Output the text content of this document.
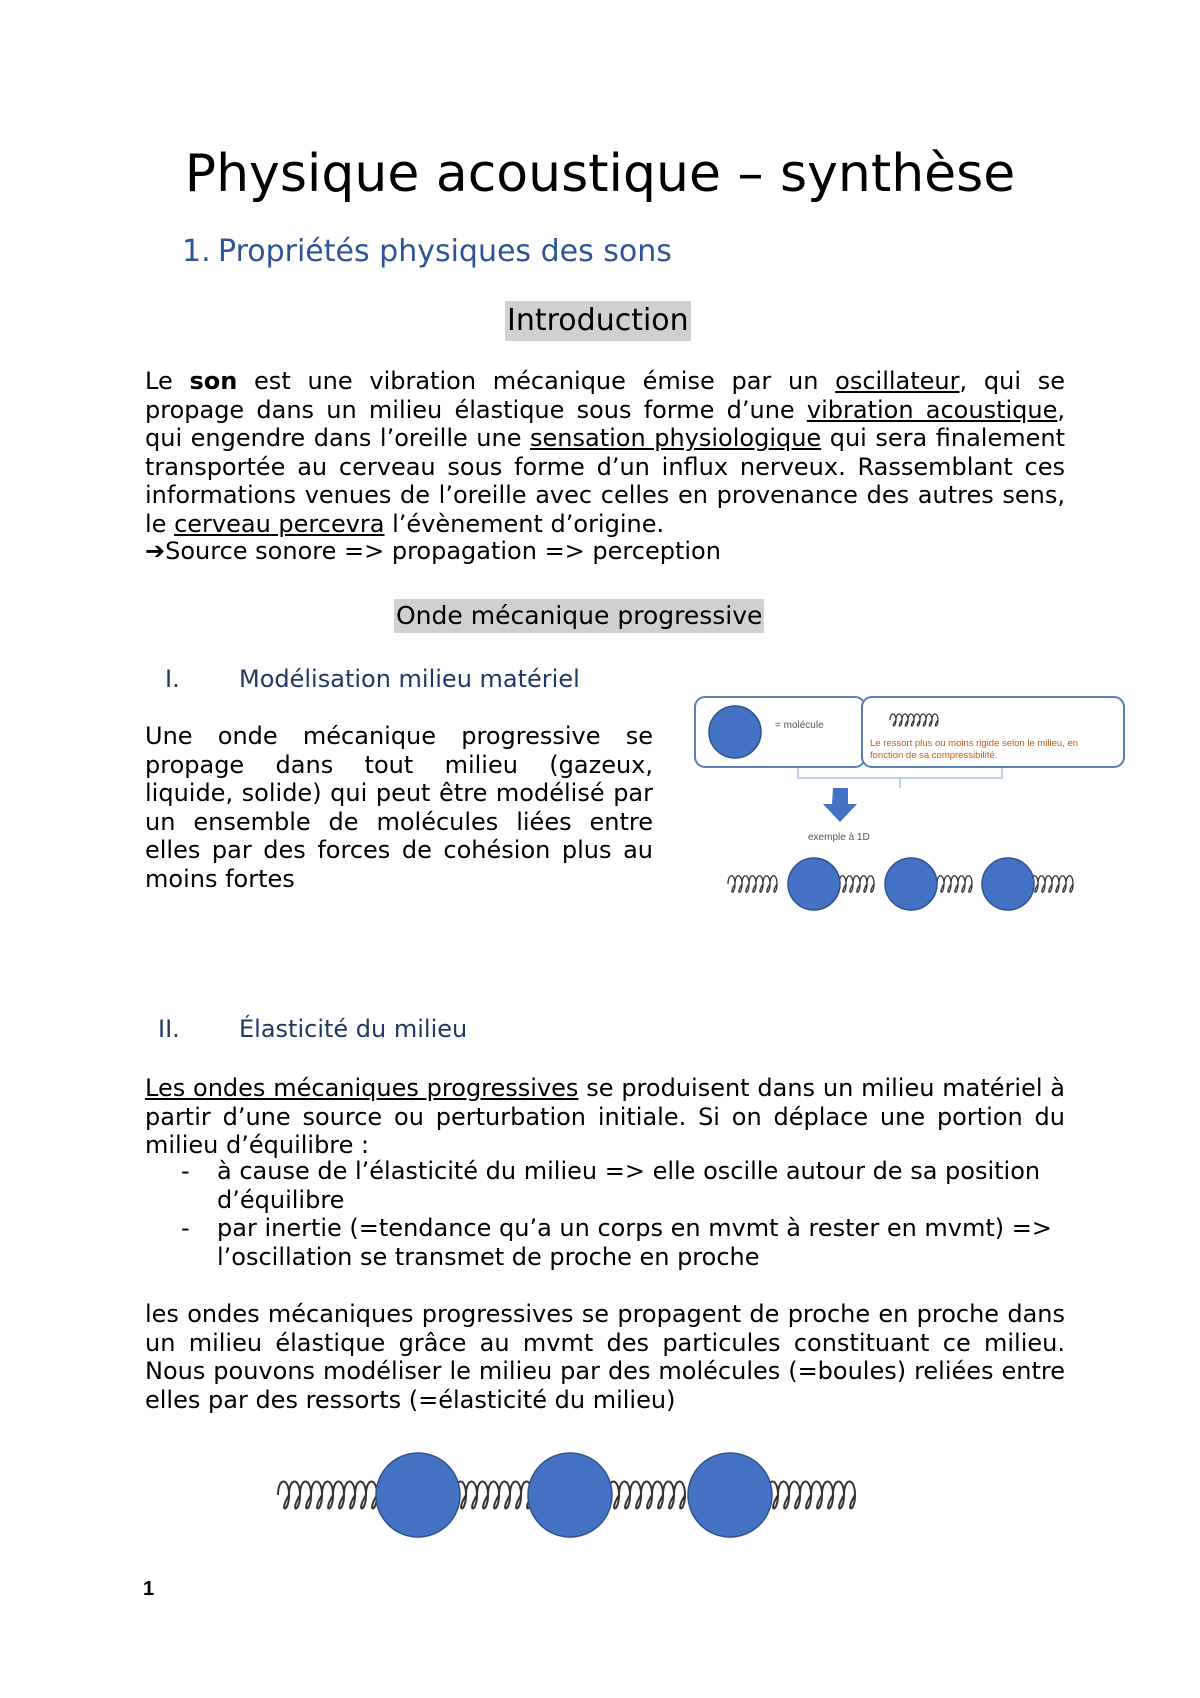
Physique acoustique – synthèse
1. Propriétés physiques des sons
Introduction
Le son est une vibration mécanique émise par un oscillateur, qui se propage dans un milieu élastique sous forme d’une vibration acoustique, qui engendre dans l’oreille une sensation physiologique qui sera finalement transportée au cerveau sous forme d’un influx nerveux. Rassemblant ces informations venues de l’oreille avec celles en provenance des autres sens, le cerveau percevra l’évènement d’origine.
➔Source sonore => propagation => perception
Onde mécanique progressive
I. Modélisation milieu matériel
Une onde mécanique progressive se propage dans tout milieu (gazeux, liquide, solide) qui peut être modélisé par un ensemble de molécules liées entre elles par des forces de cohésion plus au moins fortes
= molécule
Le ressort plus ou moins rigide selon le milieu, en
fonction de sa compressibilité.
exemple à 1D
II. Élasticité du milieu
Les ondes mécaniques progressives se produisent dans un milieu matériel à partir d’une source ou perturbation initiale. Si on déplace une portion du milieu d’équilibre :
- à cause de l’élasticité du milieu => elle oscille autour de sa position d’équilibre
- par inertie (=tendance qu’a un corps en mvmt à rester en mvmt) => l’oscillation se transmet de proche en proche
les ondes mécaniques progressives se propagent de proche en proche dans un milieu élastique grâce au mvmt des particules constituant ce milieu. Nous pouvons modéliser le milieu par des molécules (=boules) reliées entre elles par des ressorts (=élasticité du milieu)
1
